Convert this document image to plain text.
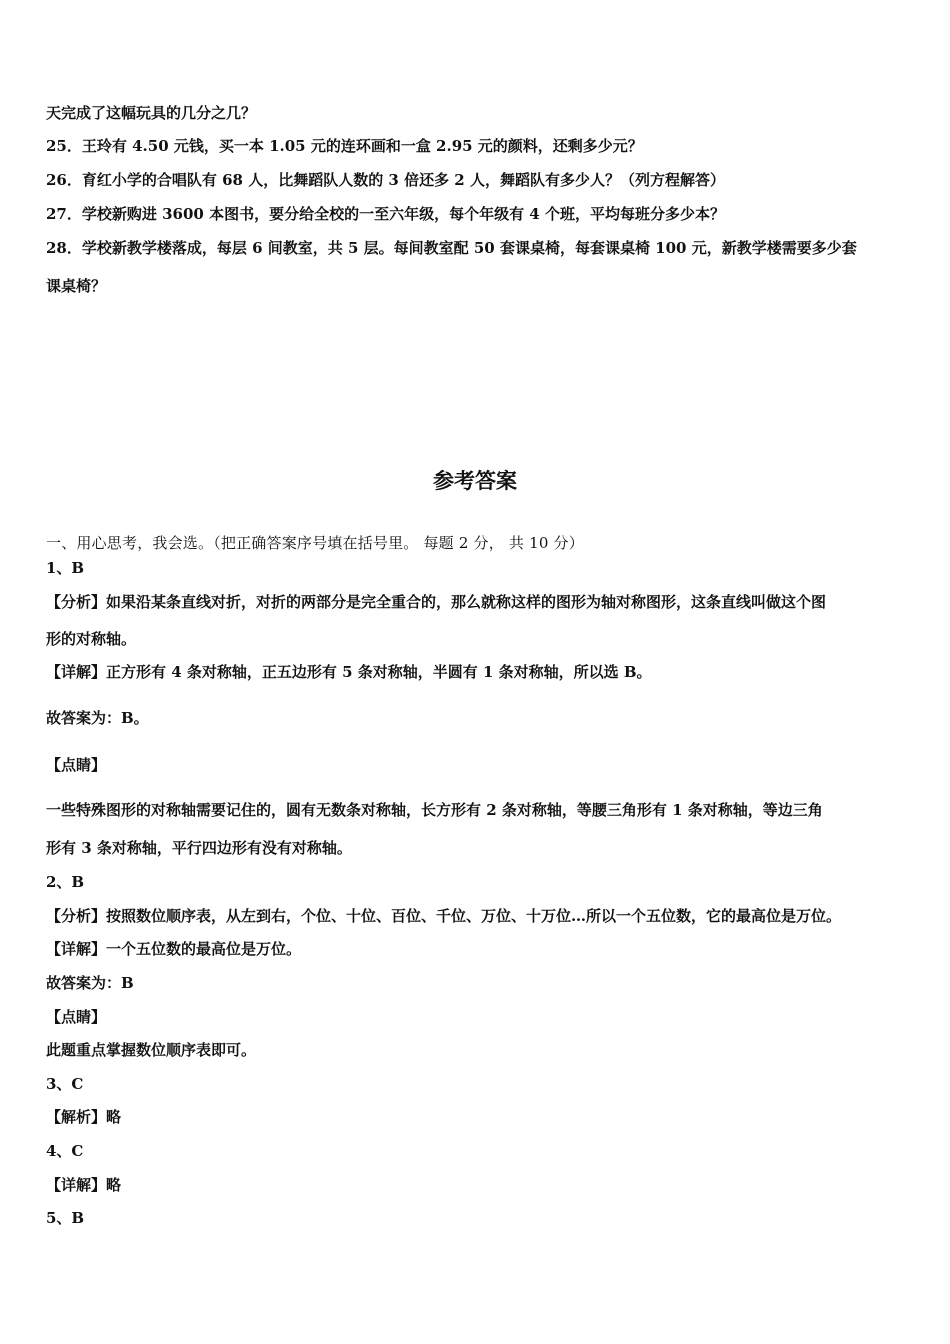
天完成了这幅玩具的几分之几？
25．王玲有 4.50 元钱，买一本 1.05 元的连环画和一盒 2.95 元的颜料，还剩多少元？
26．育红小学的合唱队有 68 人，比舞蹈队人数的 3 倍还多 2 人，舞蹈队有多少人？（列方程解答）
27．学校新购进 3600 本图书，要分给全校的一至六年级，每个年级有 4 个班，平均每班分多少本？
28．学校新教学楼落成，每层 6 间教室，共 5 层。每间教室配 50 套课桌椅，每套课桌椅 100 元，新教学楼需要多少套
课桌椅？
参考答案
一、用心思考，我会选。（把正确答案序号填在括号里。 每题 2 分， 共 10 分）
1、B
【分析】如果沿某条直线对折，对折的两部分是完全重合的，那么就称这样的图形为轴对称图形，这条直线叫做这个图
形的对称轴。
【详解】正方形有 4 条对称轴，正五边形有 5 条对称轴，半圆有 1 条对称轴，所以选 B。
故答案为：B。
【点睛】
一些特殊图形的对称轴需要记住的，圆有无数条对称轴，长方形有 2 条对称轴，等腰三角形有 1 条对称轴，等边三角
形有 3 条对称轴，平行四边形有没有对称轴。
2、B
【分析】按照数位顺序表，从左到右，个位、十位、百位、千位、万位、十万位…所以一个五位数，它的最高位是万位。
【详解】一个五位数的最高位是万位。
故答案为：B
【点睛】
此题重点掌握数位顺序表即可。
3、C
【解析】略
4、C
【详解】略
5、B
